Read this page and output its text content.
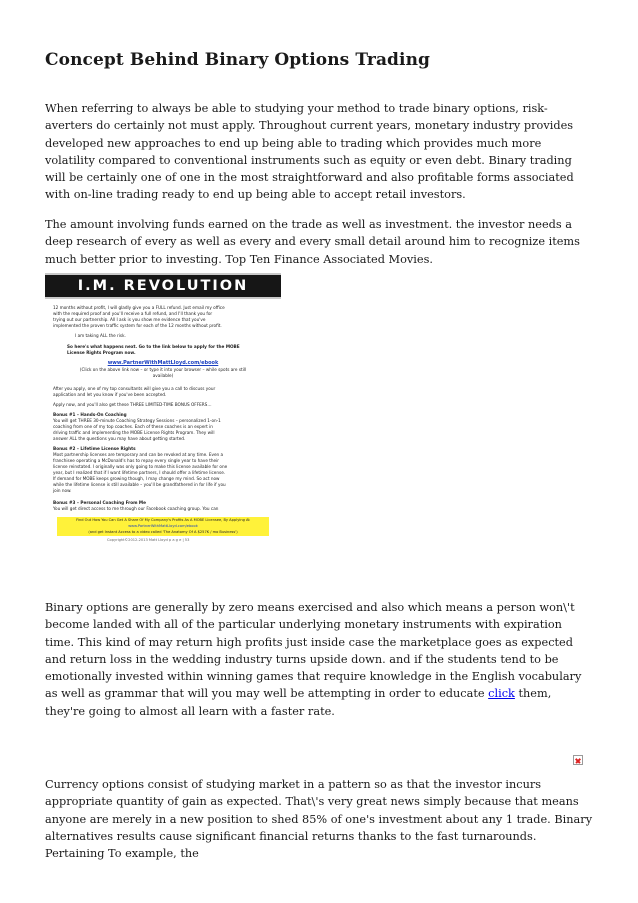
Concept Behind Binary Options Trading

When referring to always be able to studying your method to trade binary options, risk-averters do certainly not must apply. Throughout current years, monetary industry provides developed new approaches to end up being able to trading which provides much more volatility compared to conventional instruments such as equity or even debt. Binary trading will be certainly one of one in the most straightforward and also profitable forms associated with on-line trading ready to end up being able to accept retail investors.

The amount involving funds earned on the trade as well as investment. the investor needs a deep research of every as well as every and every small detail around him to recognize items much better prior to investing. Top Ten Finance Associated Movies.

I.M. REVOLUTION
12 months without profit, I will gladly give you a FULL refund. Just email my office
with the required proof and you'll receive a full refund, and I'll thank you for
trying out our partnership. All I ask is you show me evidence that you've
implemented the proven traffic system for each of the 12 months without profit.
I am taking ALL the risk.
So here's what happens next. Go to the link below to apply for the MOBE
License Rights Program now.
www.PartnerWithMattLloyd.com/ebook
(Click on the above link now – or type it into your browser – while spots are still
available)
After you apply, one of my top consultants will give you a call to discuss your
application and let you know if you've been accepted.
Apply now, and you'll also get these THREE LIMITED-TIME BONUS OFFERS…
Bonus #1 – Hands-On Coaching
You will get THREE 30-minute Coaching Strategy Sessions – personalized 1-on-1
coaching from one of my top coaches. Each of these coaches is an expert in
driving traffic and implementing the MOBE License Rights Program. They will
answer ALL the questions you may have about getting started.
Bonus #2 – Lifetime License Rights
Most partnership licenses are temporary and can be revoked at any time. Even a
franchisee operating a McDonald's has to repay every single year to have their
license reinstated. I originally was only going to make this license available for one
year, but I realized that if I want lifetime partners, I should offer a lifetime license.
If demand for MOBE keeps growing though, I may change my mind. So act now
while the lifetime license is still available – you'll be grandfathered in for life if you
join now.
Bonus #3 – Personal Coaching From Me
You will get direct access to me through our Facebook coaching group. You can
Find Out How You Can Get A Share Of My Company's Profits As A MOBE Licensee, By Applying At
www.PartnerWithMattLloyd.com/ebook
(and get Instant Access to a video called 'The Anatomy Of A $257K / mo Business')
Copyright©2012-2013 Matt Lloyd p a g e | 53

Binary options are generally by zero means exercised and also which means a person won\'t become landed with all of the particular underlying monetary instruments with expiration time. This kind of may return high profits just inside case the marketplace goes as expected and return loss in the wedding industry turns upside down. and if the students tend to be emotionally invested within winning games that require knowledge in the English vocabulary as well as grammar that will you may well be attempting in order to educate click them, they're going to almost all learn with a faster rate.

Currency options consist of studying market in a pattern so as that the investor incurs appropriate quantity of gain as expected. That\'s very great news simply because that means anyone are merely in a new position to shed 85% of one's investment about any 1 trade. Binary alternatives results cause significant financial returns thanks to the fast turnarounds. Pertaining To example, the
